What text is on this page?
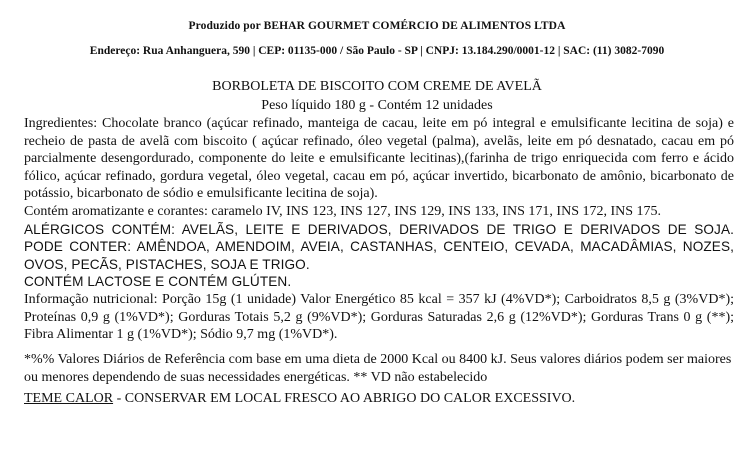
Produzido por BEHAR GOURMET COMÉRCIO DE ALIMENTOS LTDA
Endereço: Rua Anhanguera, 590 | CEP: 01135-000 / São Paulo - SP | CNPJ: 13.184.290/0001-12 | SAC: (11) 3082-7090
BORBOLETA DE BISCOITO COM CREME DE AVELÃ
Peso líquido 180 g - Contém 12 unidades

Ingredientes: Chocolate branco (açúcar refinado, manteiga de cacau, leite em pó integral e emulsificante lecitina de soja) e recheio de pasta de avelã com biscoito ( açúcar refinado, óleo vegetal (palma), avelãs, leite em pó desnatado, cacau em pó parcialmente desengordurado, componente do leite e emulsificante lecitinas),(farinha de trigo enriquecida com ferro e ácido fólico, açúcar refinado, gordura vegetal, óleo vegetal, cacau em pó, açúcar invertido, bicarbonato de amônio, bicarbonato de potássio, bicarbonato de sódio e emulsificante lecitina de soja).

Contém aromatizante e corantes: caramelo IV, INS 123, INS 127, INS 129, INS 133, INS 171, INS 172, INS 175.

ALÉRGICOS CONTÉM: AVELÃS, LEITE E DERIVADOS, DERIVADOS DE TRIGO E DERIVADOS DE SOJA. PODE CONTER: AMÊNDOA, AMENDOIM, AVEIA, CASTANHAS, CENTEIO, CEVADA, MACADÂMIAS, NOZES, OVOS, PECÃS, PISTACHES, SOJA E TRIGO.

CONTÉM LACTOSE E CONTÉM GLÚTEN.

Informação nutricional: Porção 15g (1 unidade) Valor Energético 85 kcal = 357 kJ (4%VD*); Carboidratos 8,5 g (3%VD*); Proteínas 0,9 g (1%VD*); Gorduras Totais 5,2 g (9%VD*); Gorduras Saturadas 2,6 g (12%VD*); Gorduras Trans 0 g (**); Fibra Alimentar 1 g (1%VD*); Sódio 9,7 mg (1%VD*).

*%% Valores Diários de Referência com base em uma dieta de 2000 Kcal ou 8400 kJ. Seus valores diários podem ser maiores ou menores dependendo de suas necessidades energéticas. ** VD não estabelecido
TEME CALOR - CONSERVAR EM LOCAL FRESCO AO ABRIGO DO CALOR EXCESSIVO.
